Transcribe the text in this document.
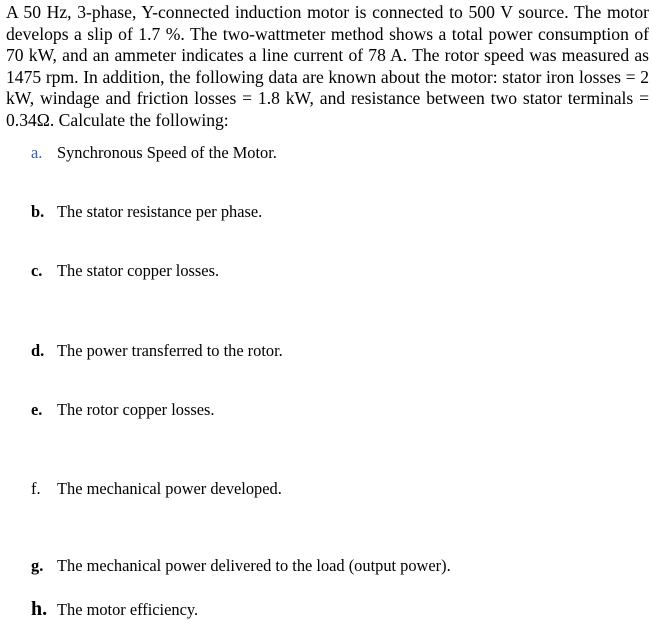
A 50 Hz, 3-phase, Y-connected induction motor is connected to 500 V source. The motor develops a slip of 1.7 %. The two-wattmeter method shows a total power consumption of 70 kW, and an ammeter indicates a line current of 78 A. The rotor speed was measured as 1475 rpm. In addition, the following data are known about the motor: stator iron losses = 2 kW, windage and friction losses = 1.8 kW, and resistance between two stator terminals = 0.34Ω. Calculate the following:

a. Synchronous Speed of the Motor.
b. The stator resistance per phase.
c. The stator copper losses.
d. The power transferred to the rotor.
e. The rotor copper losses.
f. The mechanical power developed.
g. The mechanical power delivered to the load (output power).
h. The motor efficiency.
